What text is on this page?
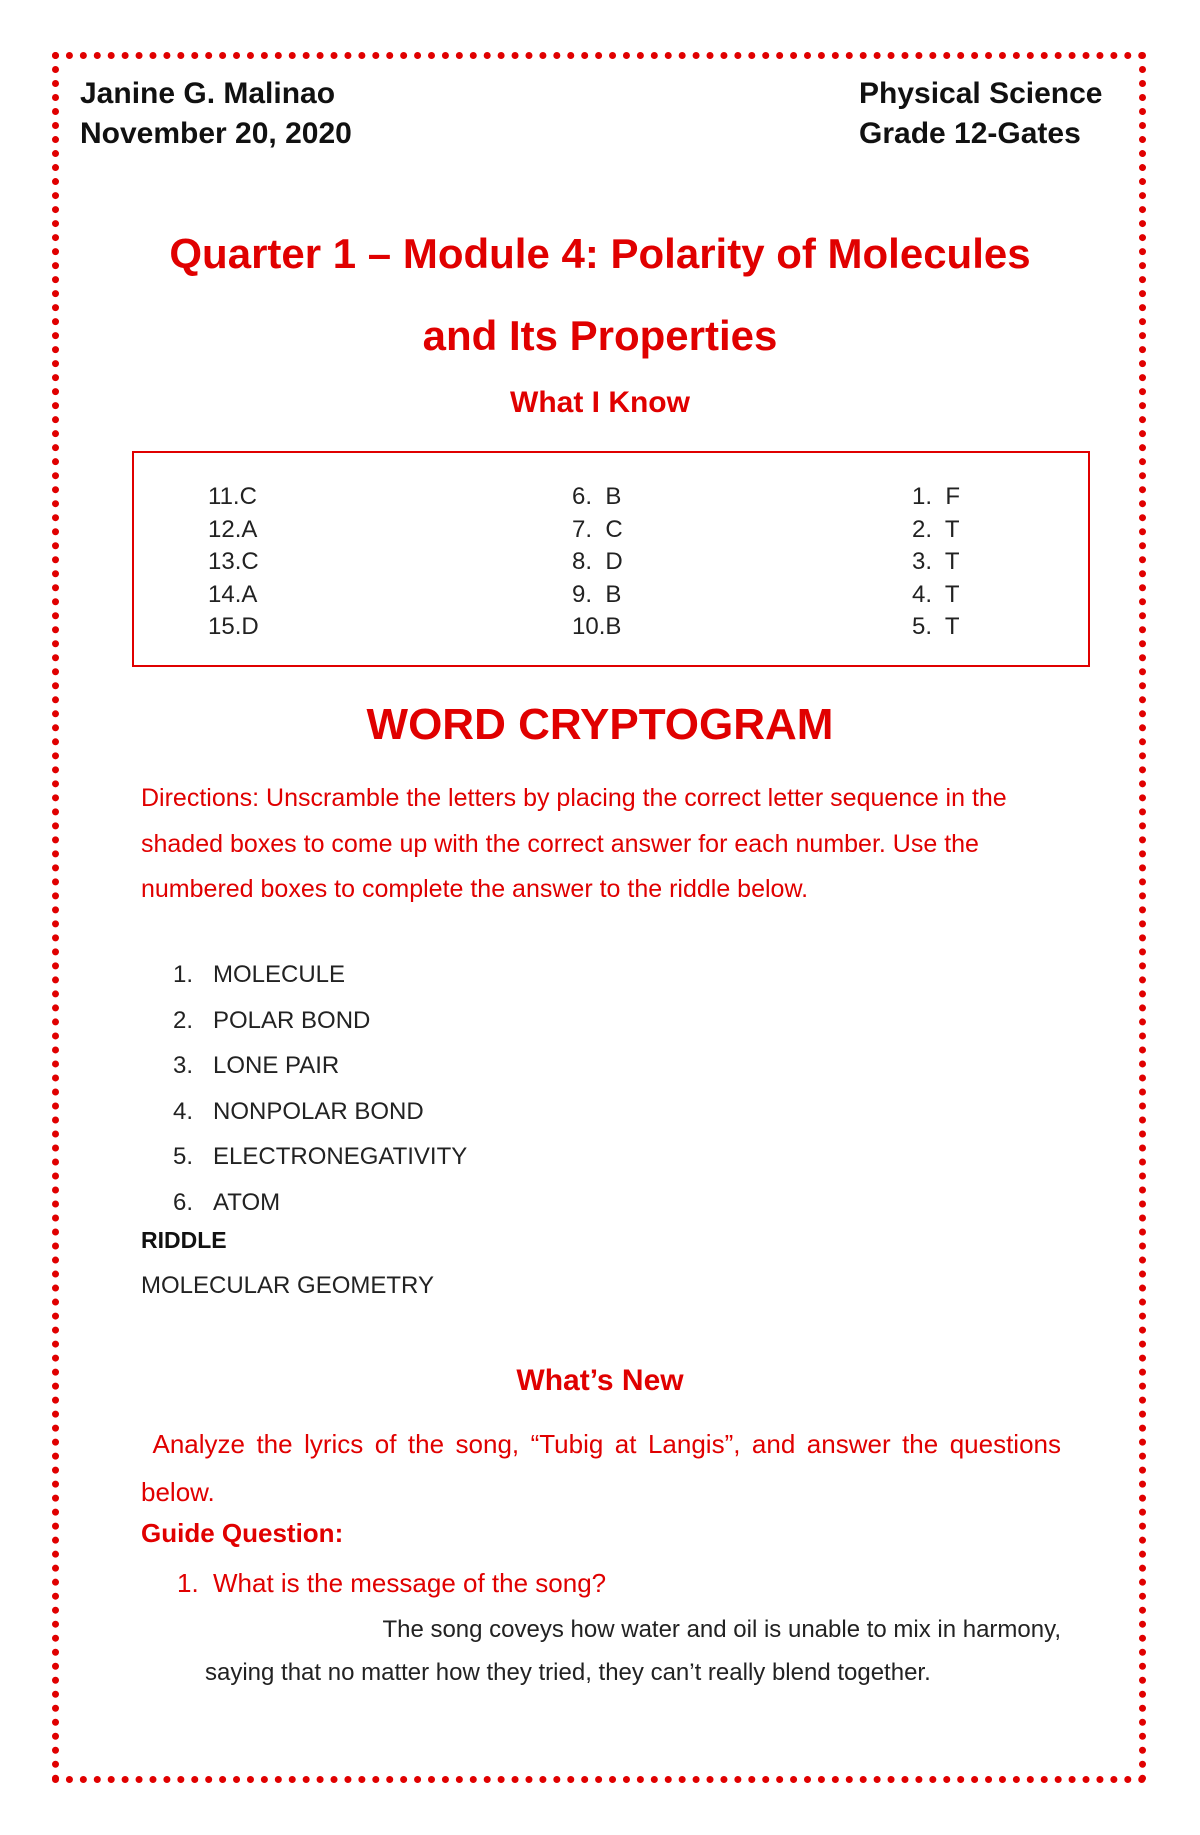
Janine G. Malinao
November 20, 2020
Physical Science
Grade 12-Gates
Quarter 1 – Module 4: Polarity of Molecules
and Its Properties
What I Know
11.C
12.A
13.C
14.A
15.D
6.  B
7.  C
8.  D
9.  B
10.B
1.  F
2.  T
3.  T
4.  T
5.  T
WORD CRYPTOGRAM
Directions: Unscramble the letters by placing the correct letter sequence in the shaded boxes to come up with the correct answer for each number. Use the numbered boxes to complete the answer to the riddle below.
1. MOLECULE
2. POLAR BOND
3. LONE PAIR
4. NONPOLAR BOND
5. ELECTRONEGATIVITY
6. ATOM
RIDDLE
MOLECULAR GEOMETRY
What’s New
Analyze the lyrics of the song, “Tubig at Langis”, and answer the questions below.
Guide Question:
1. What is the message of the song?
The song coveys how water and oil is unable to mix in harmony,
saying that no matter how they tried, they can’t really blend together.
